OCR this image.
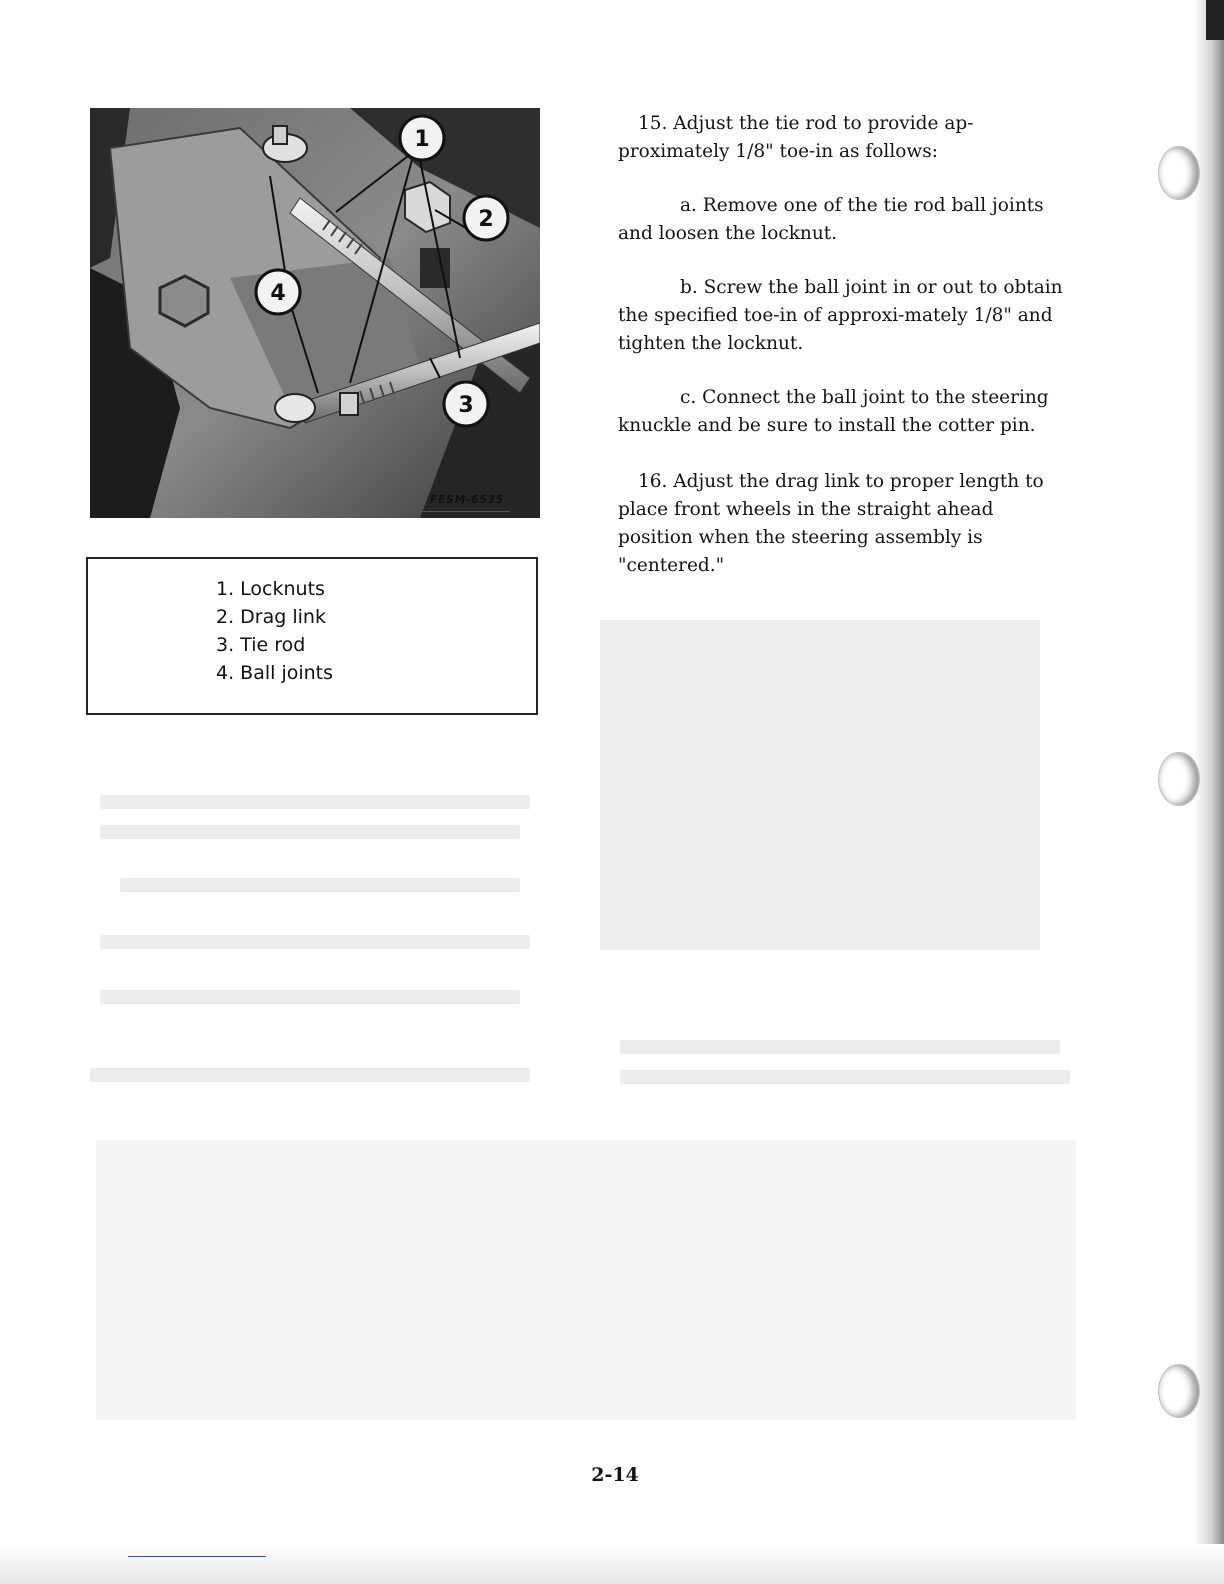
1
2
3
4
FESM-6535
1. Locknuts
2. Drag link
3. Tie rod
4. Ball joints

15. Adjust the tie rod to provide ap-proximately 1/8" toe-in as follows:

a. Remove one of the tie rod ball joints and loosen the locknut.

b. Screw the ball joint in or out to obtain the specified toe-in of approxi-mately 1/8" and tighten the locknut.

c. Connect the ball joint to the steering knuckle and be sure to install the cotter pin.

16. Adjust the drag link to proper length to place front wheels in the straight ahead position when the steering assembly is "centered."

2-14
